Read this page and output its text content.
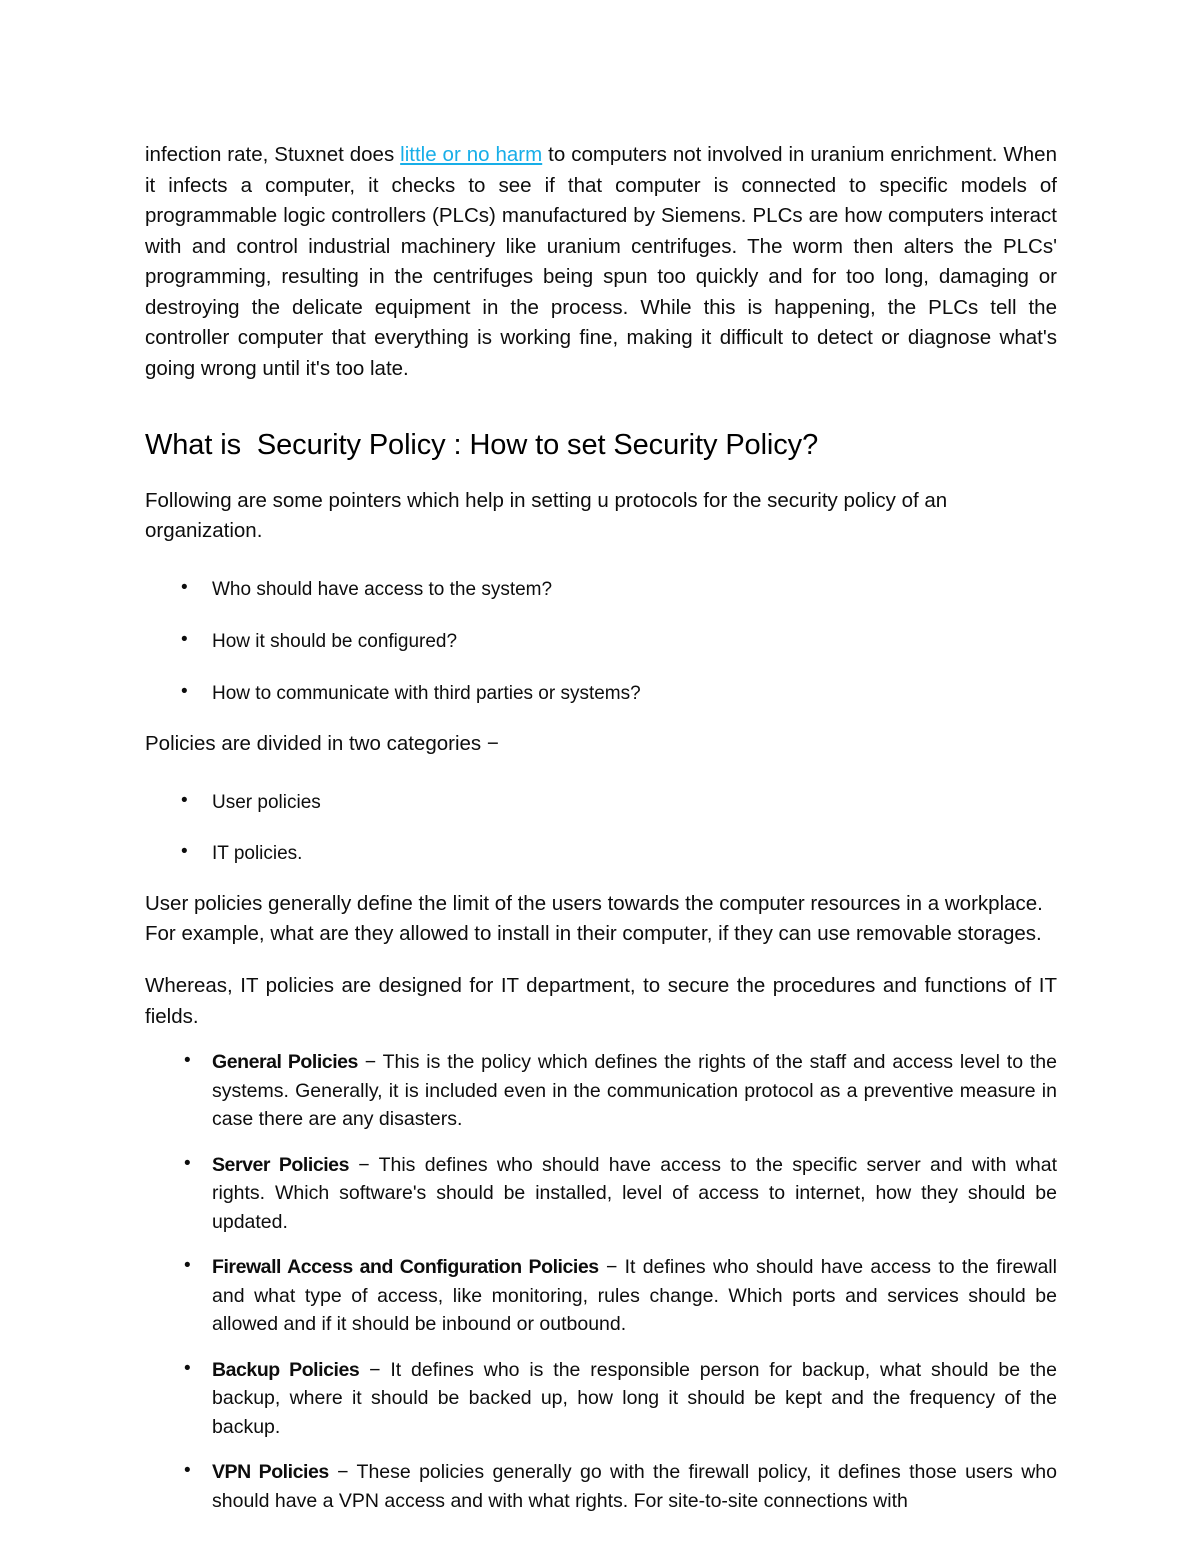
infection rate, Stuxnet does little or no harm to computers not involved in uranium enrichment. When it infects a computer, it checks to see if that computer is connected to specific models of programmable logic controllers (PLCs) manufactured by Siemens. PLCs are how computers interact with and control industrial machinery like uranium centrifuges. The worm then alters the PLCs' programming, resulting in the centrifuges being spun too quickly and for too long, damaging or destroying the delicate equipment in the process. While this is happening, the PLCs tell the controller computer that everything is working fine, making it difficult to detect or diagnose what's going wrong until it's too late.

What is  Security Policy : How to set Security Policy?

Following are some pointers which help in setting u protocols for the security policy of an organization.

• Who should have access to the system?
• How it should be configured?
• How to communicate with third parties or systems?

Policies are divided in two categories −

• User policies
• IT policies.

User policies generally define the limit of the users towards the computer resources in a workplace. For example, what are they allowed to install in their computer, if they can use removable storages.

Whereas, IT policies are designed for IT department, to secure the procedures and functions of IT fields.

• General Policies − This is the policy which defines the rights of the staff and access level to the systems. Generally, it is included even in the communication protocol as a preventive measure in case there are any disasters.
• Server Policies − This defines who should have access to the specific server and with what rights. Which software's should be installed, level of access to internet, how they should be updated.
• Firewall Access and Configuration Policies − It defines who should have access to the firewall and what type of access, like monitoring, rules change. Which ports and services should be allowed and if it should be inbound or outbound.
• Backup Policies − It defines who is the responsible person for backup, what should be the backup, where it should be backed up, how long it should be kept and the frequency of the backup.
• VPN Policies − These policies generally go with the firewall policy, it defines those users who should have a VPN access and with what rights. For site-to-site connections with
